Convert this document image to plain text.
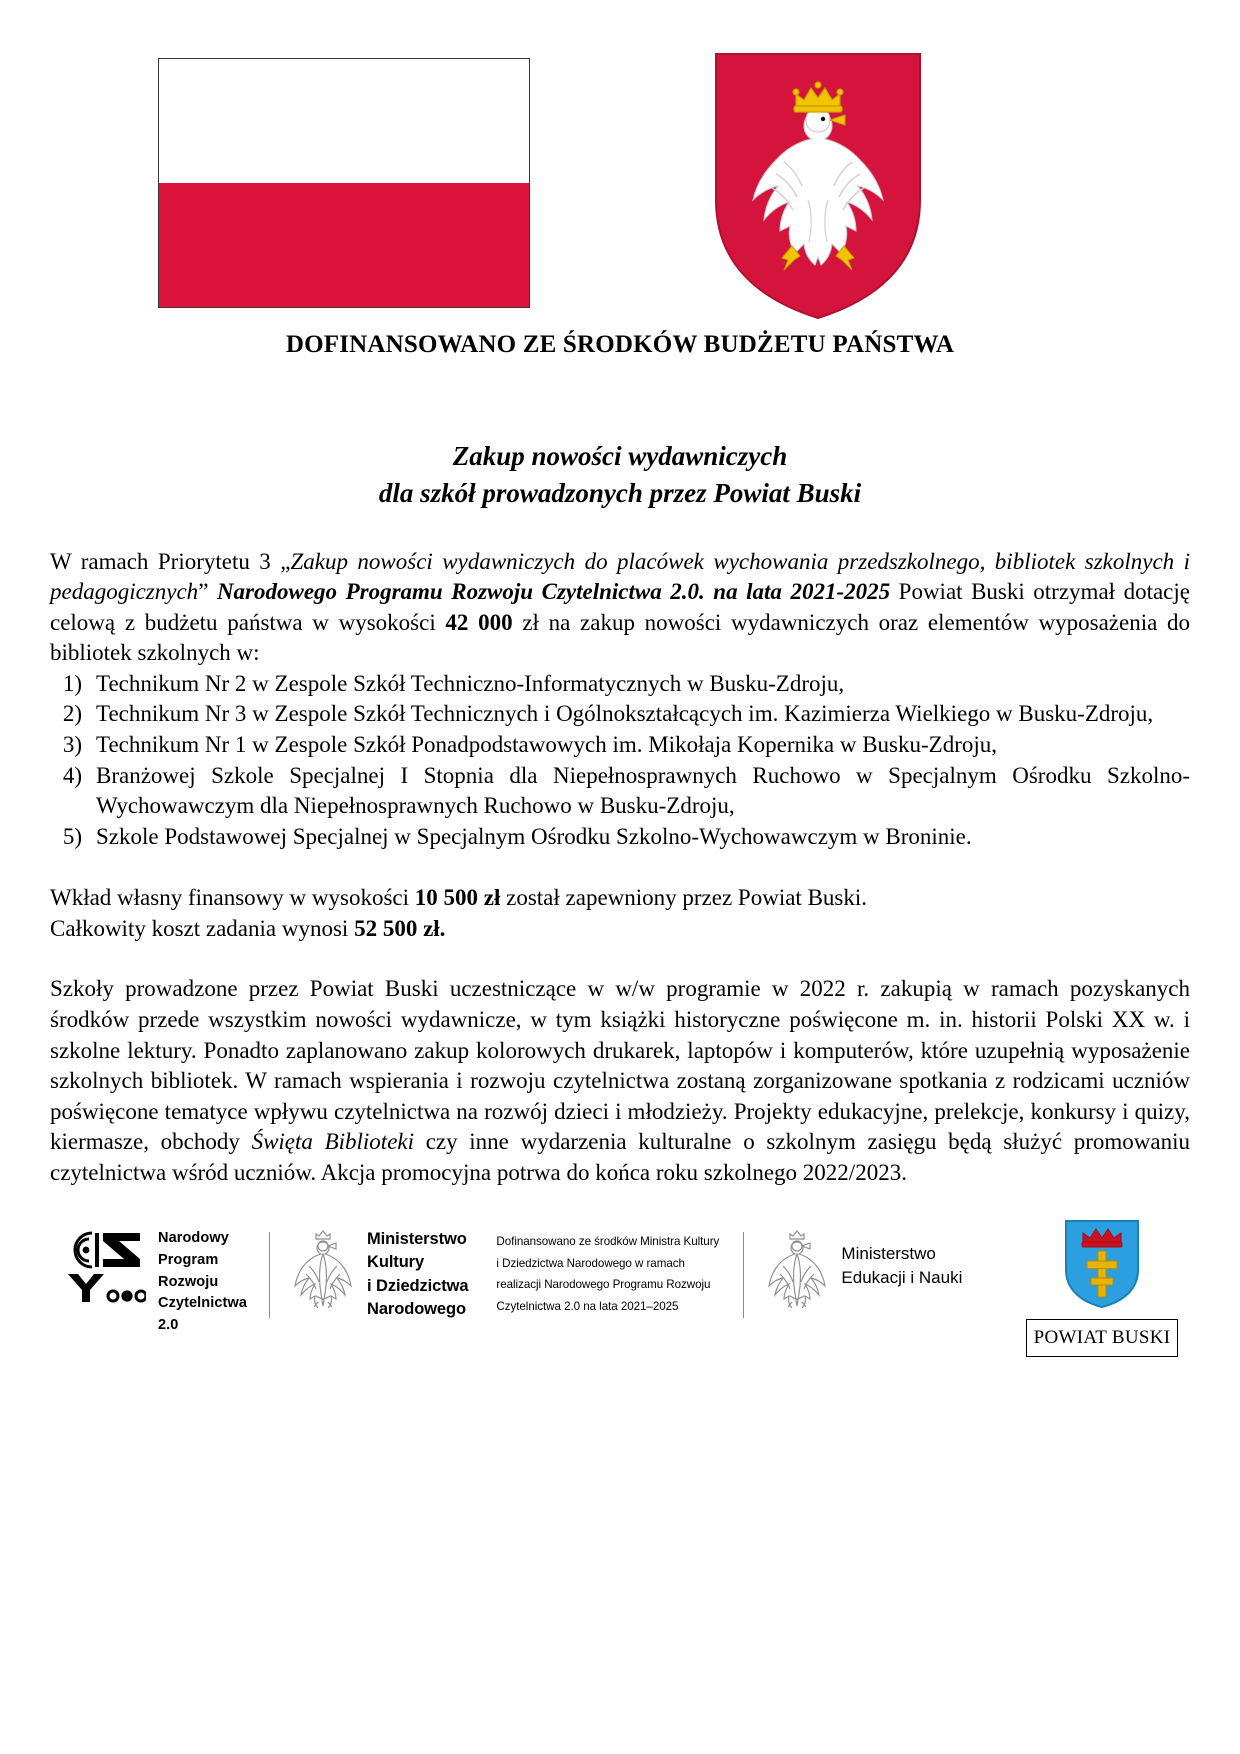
DOFINANSOWANO ZE ŚRODKÓW BUDŻETU PAŃSTWA
Zakup nowości wydawniczych
dla szkół prowadzonych przez Powiat Buski

W ramach Priorytetu 3 „Zakup nowości wydawniczych do placówek wychowania przedszkolnego, bibliotek szkolnych i pedagogicznych” Narodowego Programu Rozwoju Czytelnictwa 2.0. na lata 2021-2025 Powiat Buski otrzymał dotację celową z budżetu państwa w wysokości 42 000 zł na zakup nowości wydawniczych oraz elementów wyposażenia do bibliotek szkolnych w:

1) Technikum Nr 2 w Zespole Szkół Techniczno-Informatycznych w Busku-Zdroju,
2) Technikum Nr 3 w Zespole Szkół Technicznych i Ogólnokształcących im. Kazimierza Wielkiego w Busku-Zdroju,
3) Technikum Nr 1 w Zespole Szkół Ponadpodstawowych im. Mikołaja Kopernika w Busku-Zdroju,
4) Branżowej Szkole Specjalnej I Stopnia dla Niepełnosprawnych Ruchowo w Specjalnym Ośrodku Szkolno-Wychowawczym dla Niepełnosprawnych Ruchowo w Busku-Zdroju,
5) Szkole Podstawowej Specjalnej w Specjalnym Ośrodku Szkolno-Wychowawczym w Broninie.

Wkład własny finansowy w wysokości 10 500 zł został zapewniony przez Powiat Buski.

Całkowity koszt zadania wynosi 52 500 zł.

Szkoły prowadzone przez Powiat Buski uczestniczące w w/w programie w 2022 r. zakupią w ramach pozyskanych środków przede wszystkim nowości wydawnicze, w tym książki historyczne poświęcone m. in. historii Polski XX w. i szkolne lektury. Ponadto zaplanowano zakup kolorowych drukarek, laptopów i komputerów, które uzupełnią wyposażenie szkolnych bibliotek. W ramach wspierania i rozwoju czytelnictwa zostaną zorganizowane spotkania z rodzicami uczniów poświęcone tematyce wpływu czytelnictwa na rozwój dzieci i młodzieży. Projekty edukacyjne, prelekcje, konkursy i quizy, kiermasze, obchody Święta Biblioteki czy inne wydarzenia kulturalne o szkolnym zasięgu będą służyć promowaniu czytelnictwa wśród uczniów. Akcja promocyjna potrwa do końca roku szkolnego 2022/2023.

Narodowy
Program
Rozwoju
Czytelnictwa
2.0
Ministerstwo
Kultury
i Dziedzictwa
Narodowego
Dofinansowano ze środków Ministra Kultury
i Dziedzictwa Narodowego w ramach
realizacji Narodowego Programu Rozwoju
Czytelnictwa 2.0 na lata 2021–2025
Ministerstwo
Edukacji i Nauki
POWIAT BUSKI
